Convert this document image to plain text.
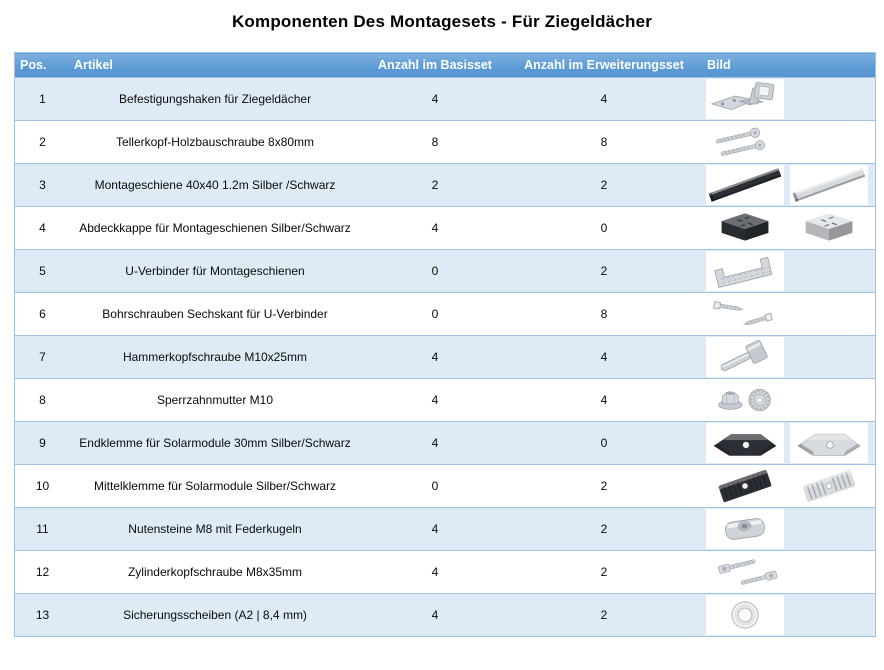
Komponenten Des Montagesets - Für Ziegeldächer
Pos.	Artikel	Anzahl im Basisset	Anzahl im Erweiterungsset	Bild
1	Befestigungshaken für Ziegeldächer	4	4	

2	Tellerkopf-Holzbauschraube 8x80mm	8	8	

3	Montageschiene 40x40 1.2m Silber /Schwarz	2	2	

4	Abdeckkappe für Montageschienen Silber/Schwarz	4	0	

5	U-Verbinder für Montageschienen	0	2	

6	Bohrschrauben Sechskant für U-Verbinder	0	8	

7	Hammerkopfschraube M10x25mm	4	4	

8	Sperrzahnmutter M10	4	4	

9	Endklemme für Solarmodule 30mm Silber/Schwarz	4	0	

10	Mittelklemme für Solarmodule Silber/Schwarz	0	2	

11	Nutensteine M8 mit Federkugeln	4	2	

12	Zylinderkopfschraube M8x35mm	4	2	

13	Sicherungsscheiben (A2 | 8,4 mm)	4	2	
